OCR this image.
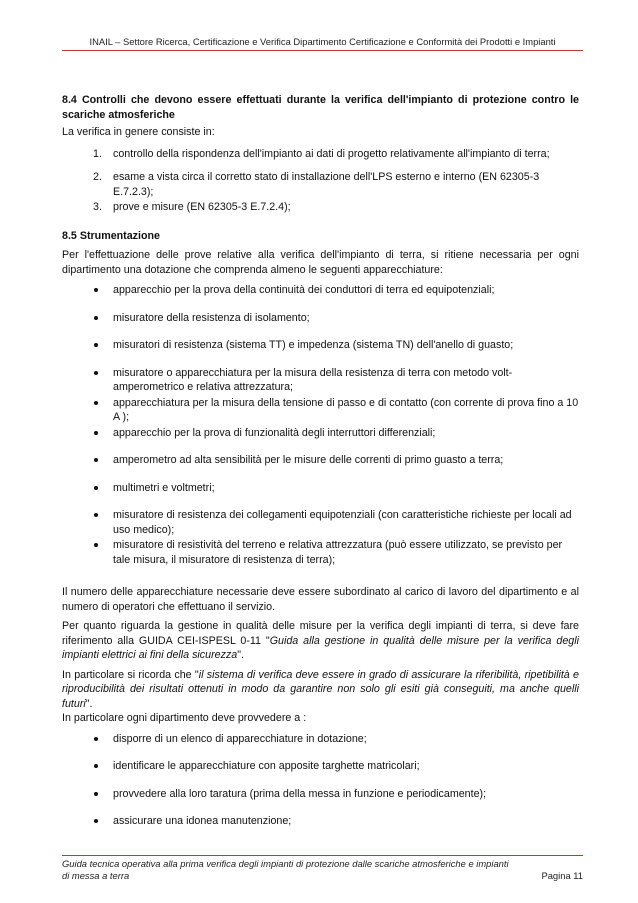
INAIL – Settore Ricerca, Certificazione e Verifica Dipartimento Certificazione e Conformità dei Prodotti e Impianti
8.4 Controlli che devono essere effettuati durante la verifica dell'impianto di protezione contro le scariche atmosferiche

La verifica in genere consiste in:

1. controllo della rispondenza dell'impianto ai dati di progetto relativamente all'impianto di terra;
2. esame a vista circa il corretto stato di installazione dell'LPS esterno e interno (EN 62305-3 E.7.2.3);
3. prove e misure (EN 62305-3 E.7.2.4);
8.5 Strumentazione

Per l'effettuazione delle prove relative alla verifica dell'impianto di terra, si ritiene necessaria per ogni dipartimento una dotazione che comprenda almeno le seguenti apparecchiature:

apparecchio per la prova della continuità dei conduttori di terra ed equipotenziali;
misuratore della resistenza di isolamento;
misuratori di resistenza (sistema TT) e impedenza (sistema TN) dell'anello di guasto;
misuratore o apparecchiatura per la misura della resistenza di terra con metodo volt-amperometrico e relativa attrezzatura;
apparecchiatura per la misura della tensione di passo e di contatto (con corrente di prova fino a 10 A );
apparecchio per la prova di funzionalità degli interruttori differenziali;
amperometro ad alta sensibilità per le misure delle correnti di primo guasto a terra;
multimetri e voltmetri;
misuratore di resistenza dei collegamenti equipotenziali (con caratteristiche richieste per locali ad uso medico);
misuratore di resistività del terreno e relativa attrezzatura (può essere utilizzato, se previsto per tale misura, il misuratore di resistenza di terra);

Il numero delle apparecchiature necessarie deve essere subordinato al carico di lavoro del dipartimento e al numero di operatori che effettuano il servizio.

Per quanto riguarda la gestione in qualità delle misure per la verifica degli impianti di terra, si deve fare riferimento alla GUIDA CEI-ISPESL 0-11 "Guida alla gestione in qualità delle misure per la verifica degli impianti elettrici ai fini della sicurezza".

In particolare si ricorda che "il sistema di verifica deve essere in grado di assicurare la riferibilità, ripetibilità e riproducibilità dei risultati ottenuti in modo da garantire non solo gli esiti già conseguiti, ma anche quelli futuri".

In particolare ogni dipartimento deve provvedere a :

disporre di un elenco di apparecchiature in dotazione;
identificare le apparecchiature con apposite targhette matricolari;
provvedere alla loro taratura (prima della messa in funzione e periodicamente);
assicurare una idonea manutenzione;
Guida tecnica operativa alla prima verifica degli impianti di protezione dalle scariche atmosferiche e impianti
di messa a terra	Pagina 11
